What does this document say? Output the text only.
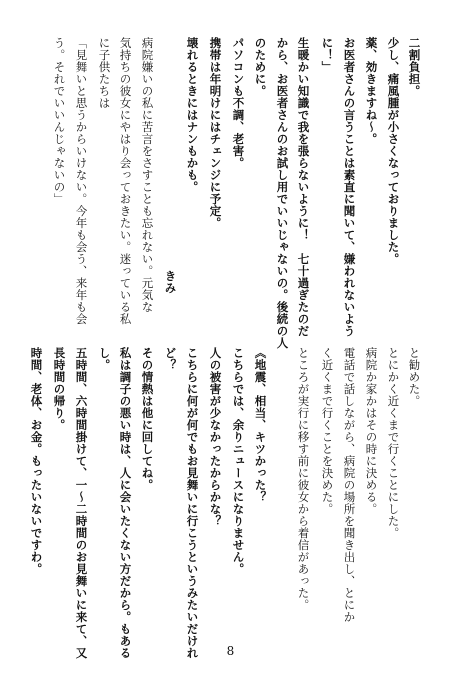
二割負担。
少し、痛風腫が小さくなっておりました。
薬、効きますね～。
お医者さんの言うことは素直に聞いて、嫌われないよう
に！」
生暖かい知識で我を張らないように！　七十過ぎたのだ
から、お医者さんのお試し用でいいじゃないの。後続の人
のために。
パソコンも不調、老害。
携帯は年明けにはチェンジに予定。
壊れるときにはナンもかも。
きみ
病院嫌いの私に苦言をさすことも忘れない。元気な
気持ちの彼女にやはり会っておきたい。迷っている私
に子供たちは
「見舞いと思うからいけない。今年も会う、来年も会
う。それでいいんじゃないの」
と勧めた。
とにかく近くまで行くことにした。
病院か家かはその時に決める。
電話で話しながら、病院の場所を聞き出し、とにか
く近くまで行くことを決めた。
ところが実行に移す前に彼女から着信があった。
《地震、相当、キツかった？
こちらでは、余りニュースになりません。
人の被害が少なかったからかな？
こちらに何が何でもお見舞いに行こうというみたいだけれ
ど？
その情熱は他に回してね。
私は調子の悪い時は、人に会いたくない方だから。もある
し。
五時間、六時間掛けて、一～二時間のお見舞いに来て、又
長時間の帰り。
時間、老体、お金。もったいないですわ。
8
